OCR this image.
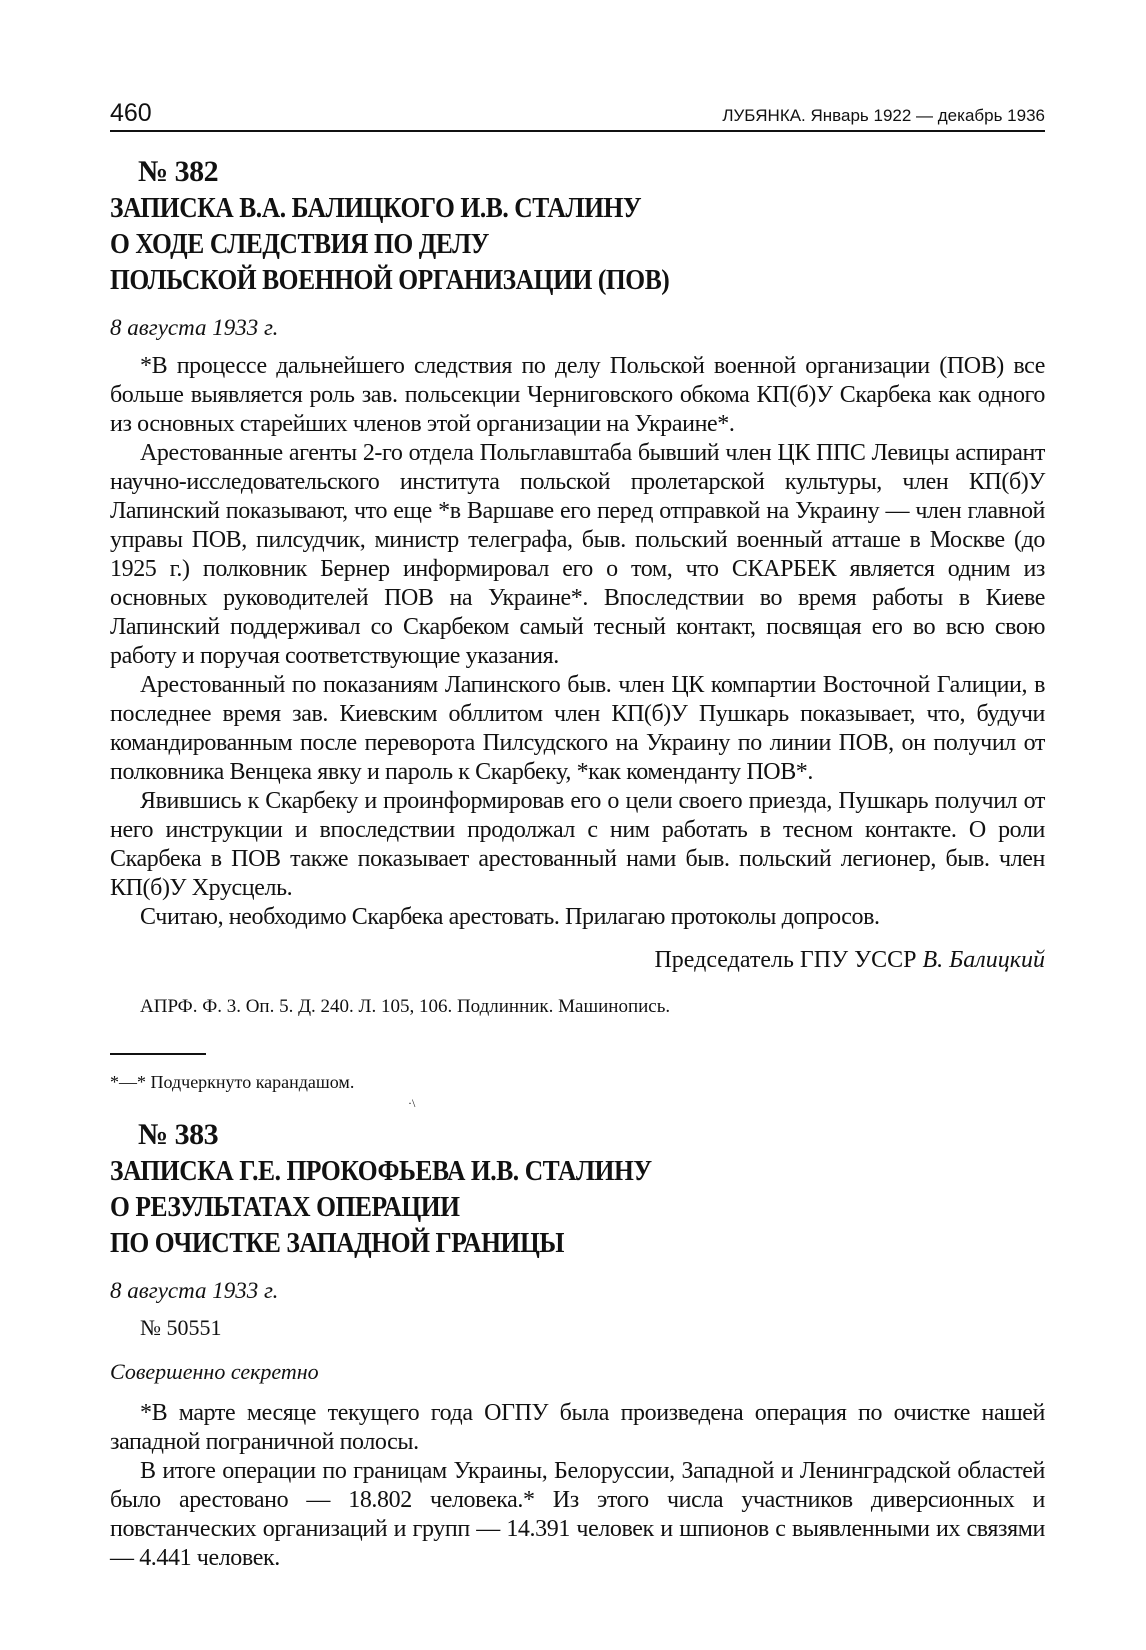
460	ЛУБЯНКА. Январь 1922 — декабрь 1936
№ 382
ЗАПИСКА В.А. БАЛИЦКОГО И.В. СТАЛИНУ
О ХОДЕ СЛЕДСТВИЯ ПО ДЕЛУ
ПОЛЬСКОЙ ВОЕННОЙ ОРГАНИЗАЦИИ (ПОВ)
8 августа 1933 г.

*В процессе дальнейшего следствия по делу Польской военной организации (ПОВ) все больше выявляется роль зав. польсекции Черниговского обкома КП(б)У Скарбека как одного из основных старейших членов этой организации на Украине*.

Арестованные агенты 2-го отдела Польглавштаба бывший член ЦК ППС Левицы аспирант научно-исследовательского института польской пролетарской культуры, член КП(б)У Лапинский показывают, что еще *в Варшаве его перед отправкой на Украину — член главной управы ПОВ, пилсудчик, министр телеграфа, быв. польский военный атташе в Москве (до 1925 г.) полковник Бернер информировал его о том, что СКАРБЕК является одним из основных руководителей ПОВ на Украине*. Впоследствии во время работы в Киеве Лапинский поддерживал со Скарбеком самый тесный контакт, посвящая его во всю свою работу и поручая соответствующие указания.

Арестованный по показаниям Лапинского быв. член ЦК компартии Восточной Галиции, в последнее время зав. Киевским обллитом член КП(б)У Пушкарь показывает, что, будучи командированным после переворота Пилсудского на Украину по линии ПОВ, он получил от полковника Венцека явку и пароль к Скарбеку, *как коменданту ПОВ*.

Явившись к Скарбеку и проинформировав его о цели своего приезда, Пушкарь получил от него инструкции и впоследствии продолжал с ним работать в тесном контакте. О роли Скарбека в ПОВ также показывает арестованный нами быв. польский легионер, быв. член КП(б)У Хрусцель.

Считаю, необходимо Скарбека арестовать. Прилагаю протоколы допросов.

Председатель ГПУ УССР В. Балицкий
АПРФ. Ф. 3. Оп. 5. Д. 240. Л. 105, 106. Подлинник. Машинопись.
*—* Подчеркнуто карандашом.
·\
№ 383
ЗАПИСКА Г.Е. ПРОКОФЬЕВА И.В. СТАЛИНУ
О РЕЗУЛЬТАТАХ ОПЕРАЦИИ
ПО ОЧИСТКЕ ЗАПАДНОЙ ГРАНИЦЫ
8 августа 1933 г.
№ 50551
Совершенно секретно

*В марте месяце текущего года ОГПУ была произведена операция по очистке нашей западной пограничной полосы.

В итоге операции по границам Украины, Белоруссии, Западной и Ленинградской областей было арестовано — 18.802 человека.* Из этого числа участников диверсионных и повстанческих организаций и групп — 14.391 человек и шпионов с выявленными их связями — 4.441 человек.
